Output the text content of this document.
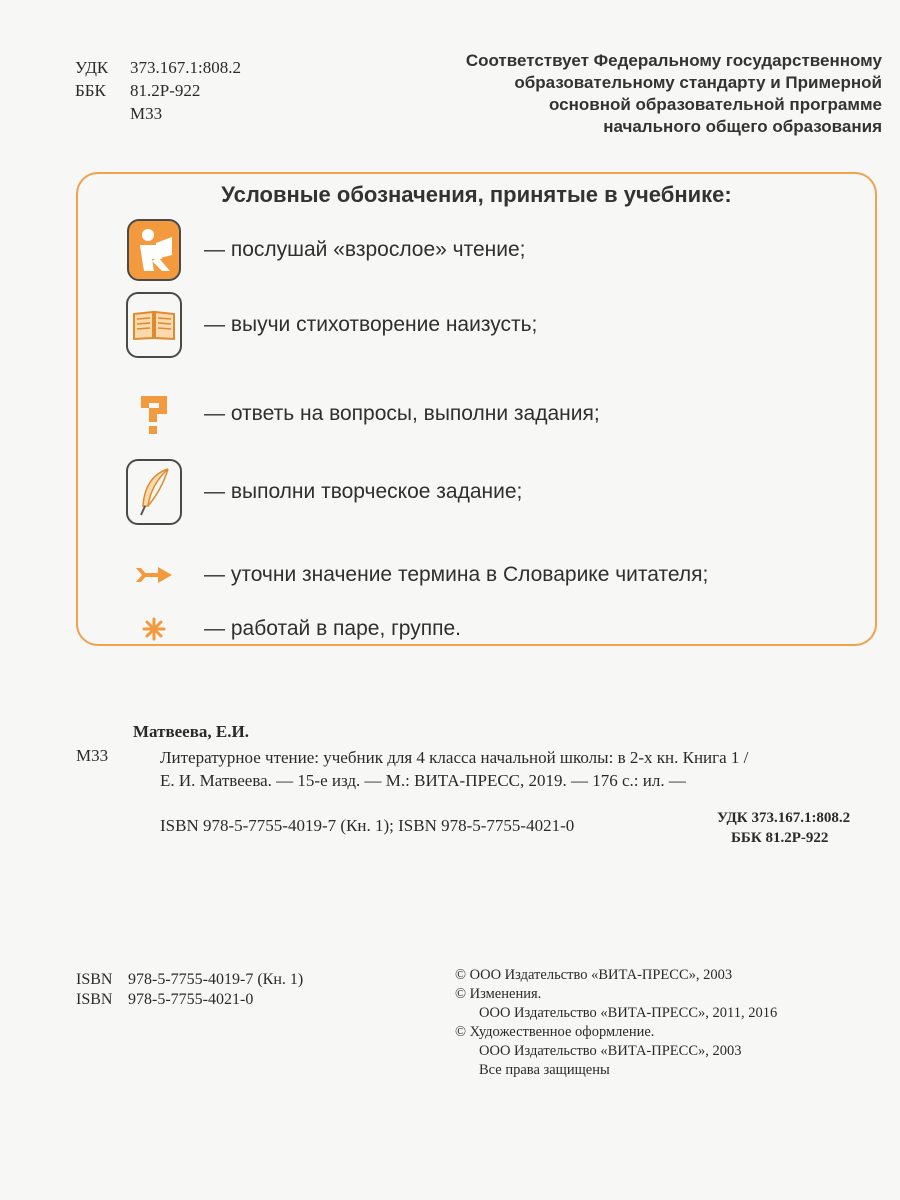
УДК	373.167.1:808.2
ББК	81.2Р-922
М33
Соответствует Федеральному государственному
образовательному стандарту и Примерной
основной образовательной программе
начального общего образования
Условные обозначения, принятые в учебнике:
— послушай «взрослое» чтение;
— выучи стихотворение наизусть;
— ответь на вопросы, выполни задания;
— выполни творческое задание;
— уточни значение термина в Словарике читателя;
— работай в паре, группе.
Матвеева, Е.И.
М33	Литературное чтение: учебник для 4 класса начальной школы: в 2-х кн. Книга 1 /
Е. И. Матвеева. — 15-е изд. — М.: ВИТА-ПРЕСС, 2019. — 176 с.: ил. —
ISBN 978-5-7755-4019-7 (Кн. 1); ISBN 978-5-7755-4021-0	УДК 373.167.1:808.2
ББК 81.2Р-922
ISBN 978-5-7755-4019-7 (Кн. 1)
ISBN 978-5-7755-4021-0
© ООО Издательство «ВИТА-ПРЕСС», 2003
© Изменения.
ООО Издательство «ВИТА-ПРЕСС», 2011, 2016
© Художественное оформление.
ООО Издательство «ВИТА-ПРЕСС», 2003
Все права защищены
